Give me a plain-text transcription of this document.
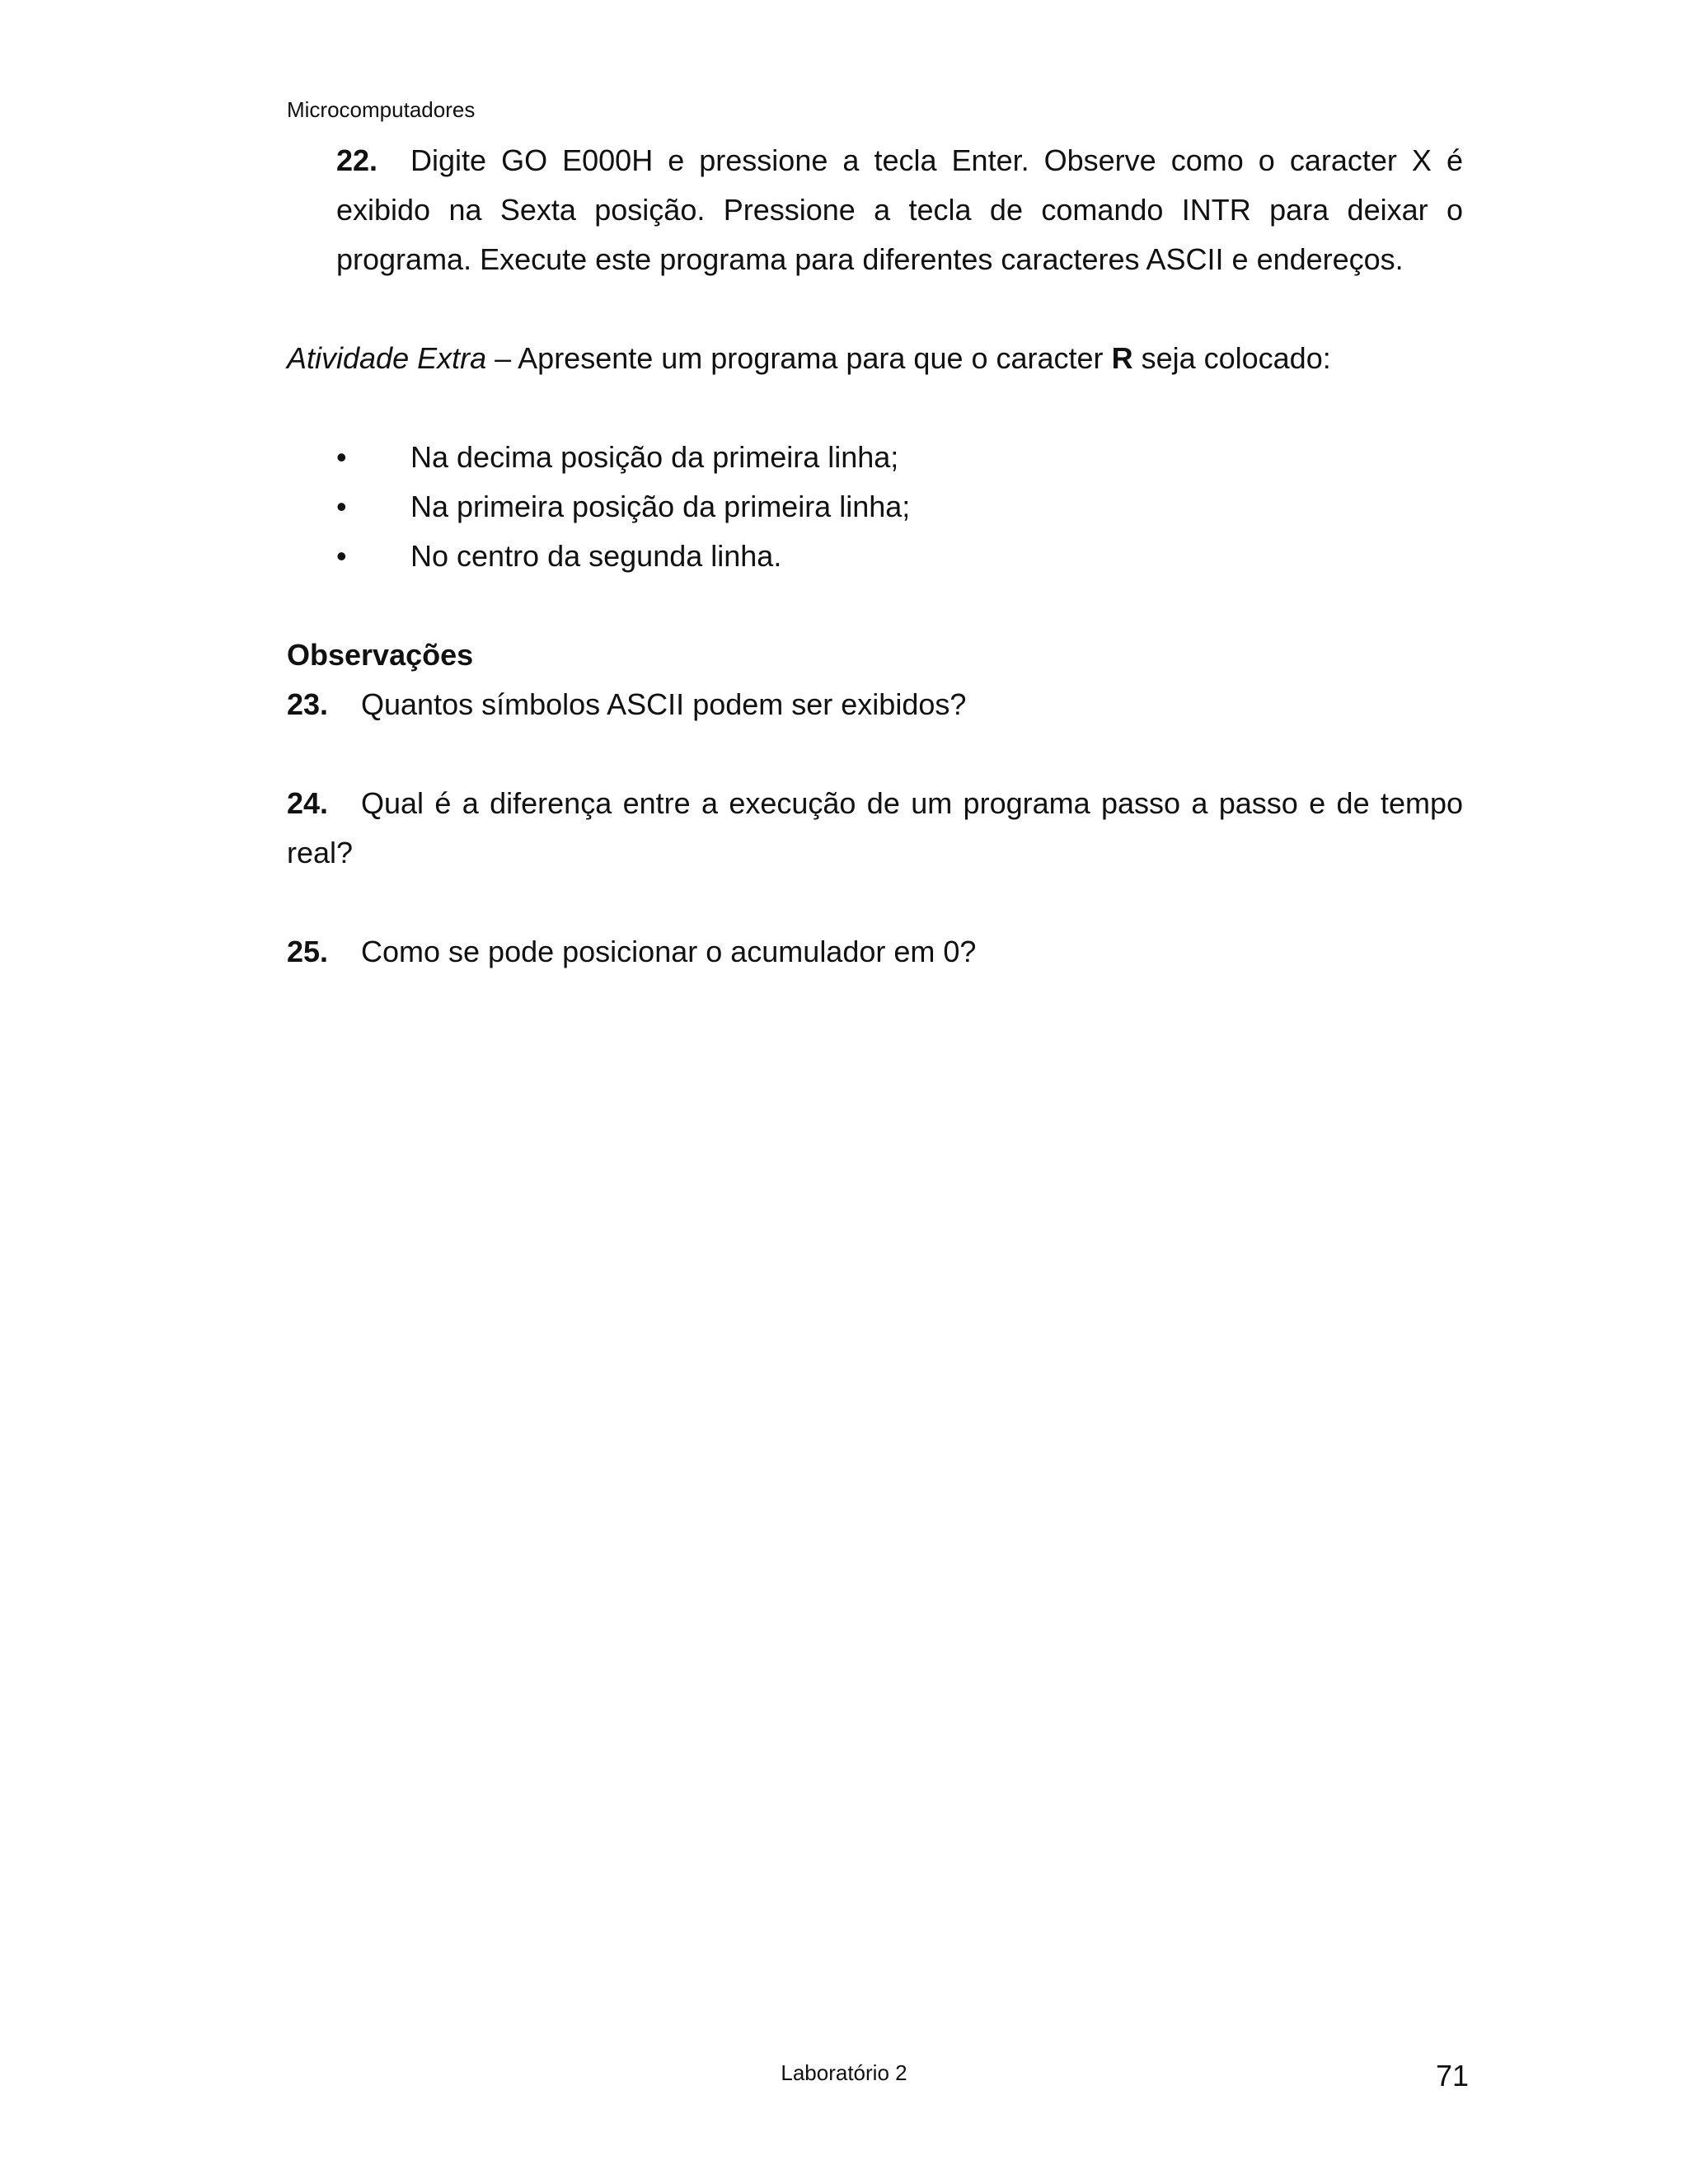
Microcomputadores

22. Digite GO E000H e pressione a tecla Enter. Observe como o caracter X é exibido na Sexta posição. Pressione a tecla de comando INTR para deixar o programa. Execute este programa para diferentes caracteres ASCII e endereços.

Atividade Extra – Apresente um programa para que o caracter R seja colocado:

•	Na decima posição da primeira linha;
•	Na primeira posição da primeira linha;
•	No centro da segunda linha.
Observações

23. Quantos símbolos ASCII podem ser exibidos?

24. Qual é a diferença entre a execução de um programa passo a passo e de tempo real?

25. Como se pode posicionar o acumulador em 0?

Laboratório 2	71
